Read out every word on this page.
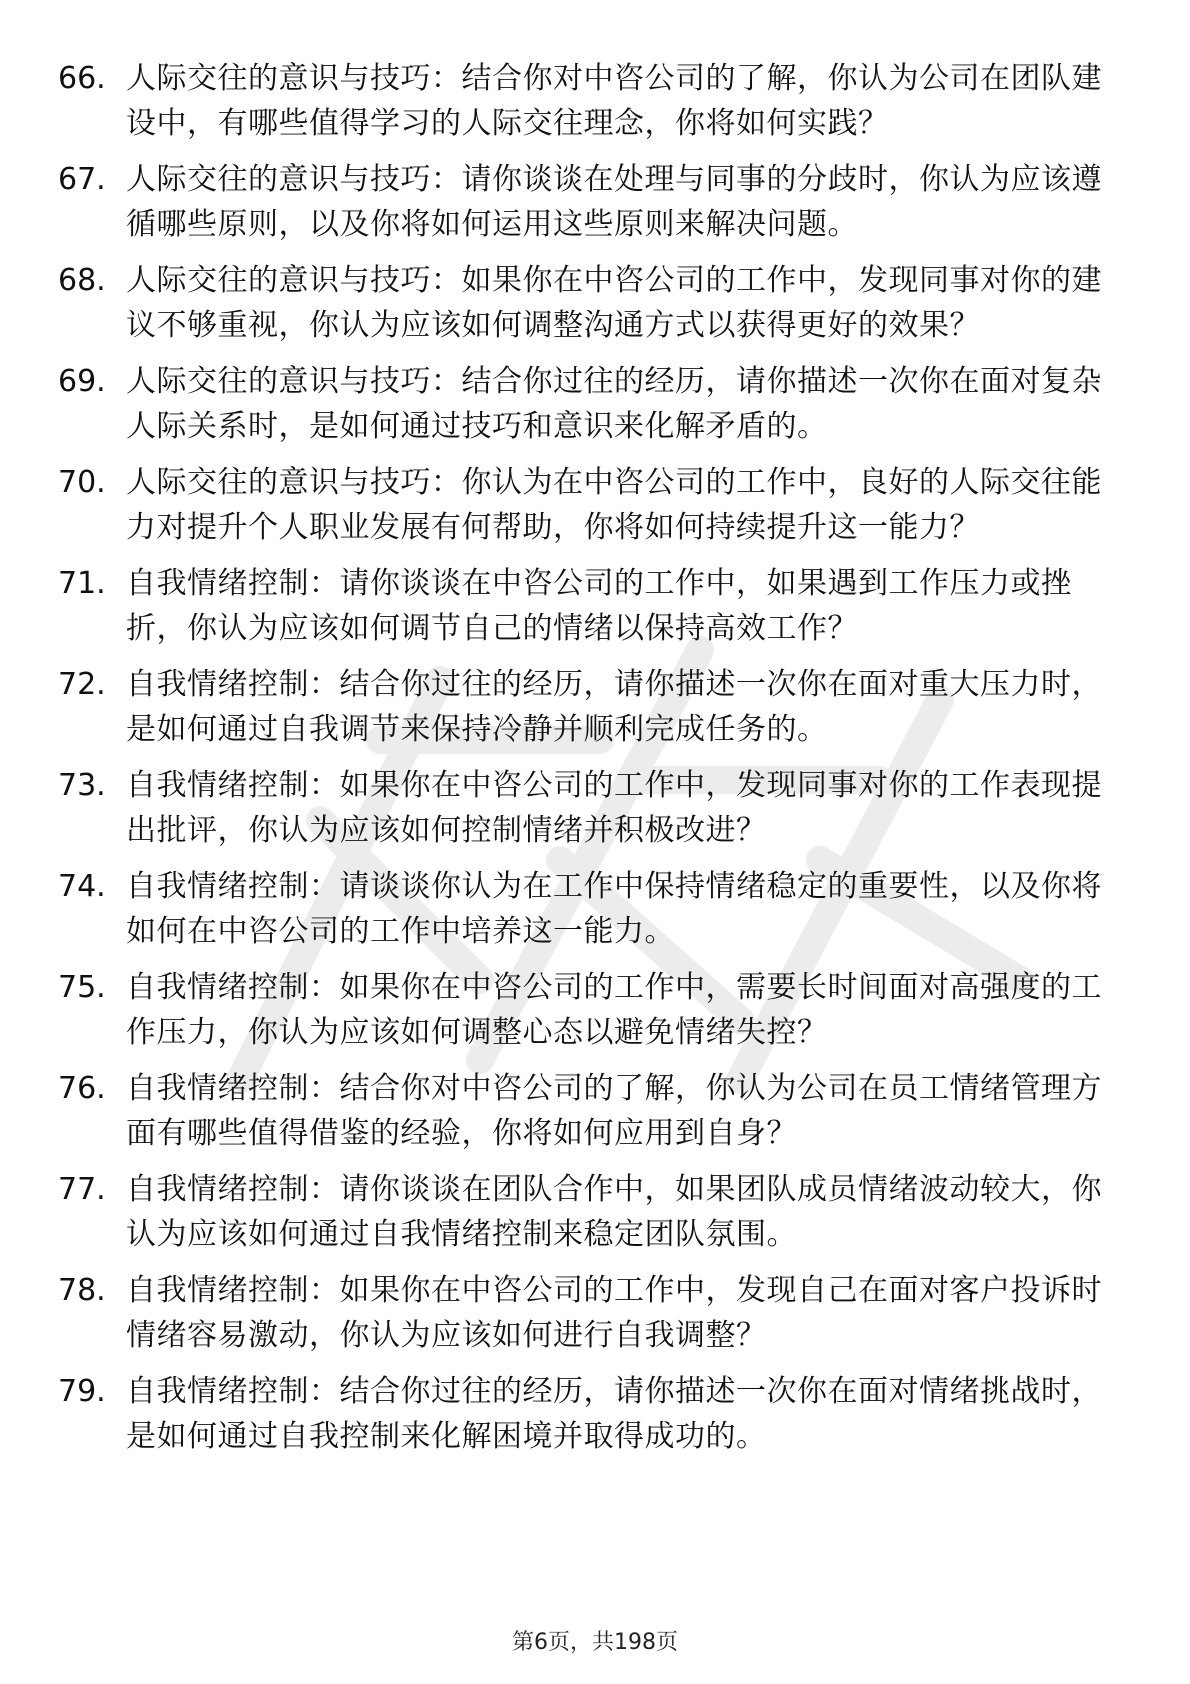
66. 人际交往的意识与技巧：结合你对中咨公司的了解，你认为公司在团队建设中，有哪些值得学习的人际交往理念，你将如何实践？
67. 人际交往的意识与技巧：请你谈谈在处理与同事的分歧时，你认为应该遵循哪些原则，以及你将如何运用这些原则来解决问题。
68. 人际交往的意识与技巧：如果你在中咨公司的工作中，发现同事对你的建议不够重视，你认为应该如何调整沟通方式以获得更好的效果？
69. 人际交往的意识与技巧：结合你过往的经历，请你描述一次你在面对复杂人际关系时，是如何通过技巧和意识来化解矛盾的。
70. 人际交往的意识与技巧：你认为在中咨公司的工作中，良好的人际交往能力对提升个人职业发展有何帮助，你将如何持续提升这一能力？
71. 自我情绪控制：请你谈谈在中咨公司的工作中，如果遇到工作压力或挫折，你认为应该如何调节自己的情绪以保持高效工作？
72. 自我情绪控制：结合你过往的经历，请你描述一次你在面对重大压力时，是如何通过自我调节来保持冷静并顺利完成任务的。
73. 自我情绪控制：如果你在中咨公司的工作中，发现同事对你的工作表现提出批评，你认为应该如何控制情绪并积极改进？
74. 自我情绪控制：请谈谈你认为在工作中保持情绪稳定的重要性，以及你将如何在中咨公司的工作中培养这一能力。
75. 自我情绪控制：如果你在中咨公司的工作中，需要长时间面对高强度的工作压力，你认为应该如何调整心态以避免情绪失控？
76. 自我情绪控制：结合你对中咨公司的了解，你认为公司在员工情绪管理方面有哪些值得借鉴的经验，你将如何应用到自身？
77. 自我情绪控制：请你谈谈在团队合作中，如果团队成员情绪波动较大，你认为应该如何通过自我情绪控制来稳定团队氛围。
78. 自我情绪控制：如果你在中咨公司的工作中，发现自己在面对客户投诉时情绪容易激动，你认为应该如何进行自我调整？
79. 自我情绪控制：结合你过往的经历，请你描述一次你在面对情绪挑战时，是如何通过自我控制来化解困境并取得成功的。
第6页，共198页
